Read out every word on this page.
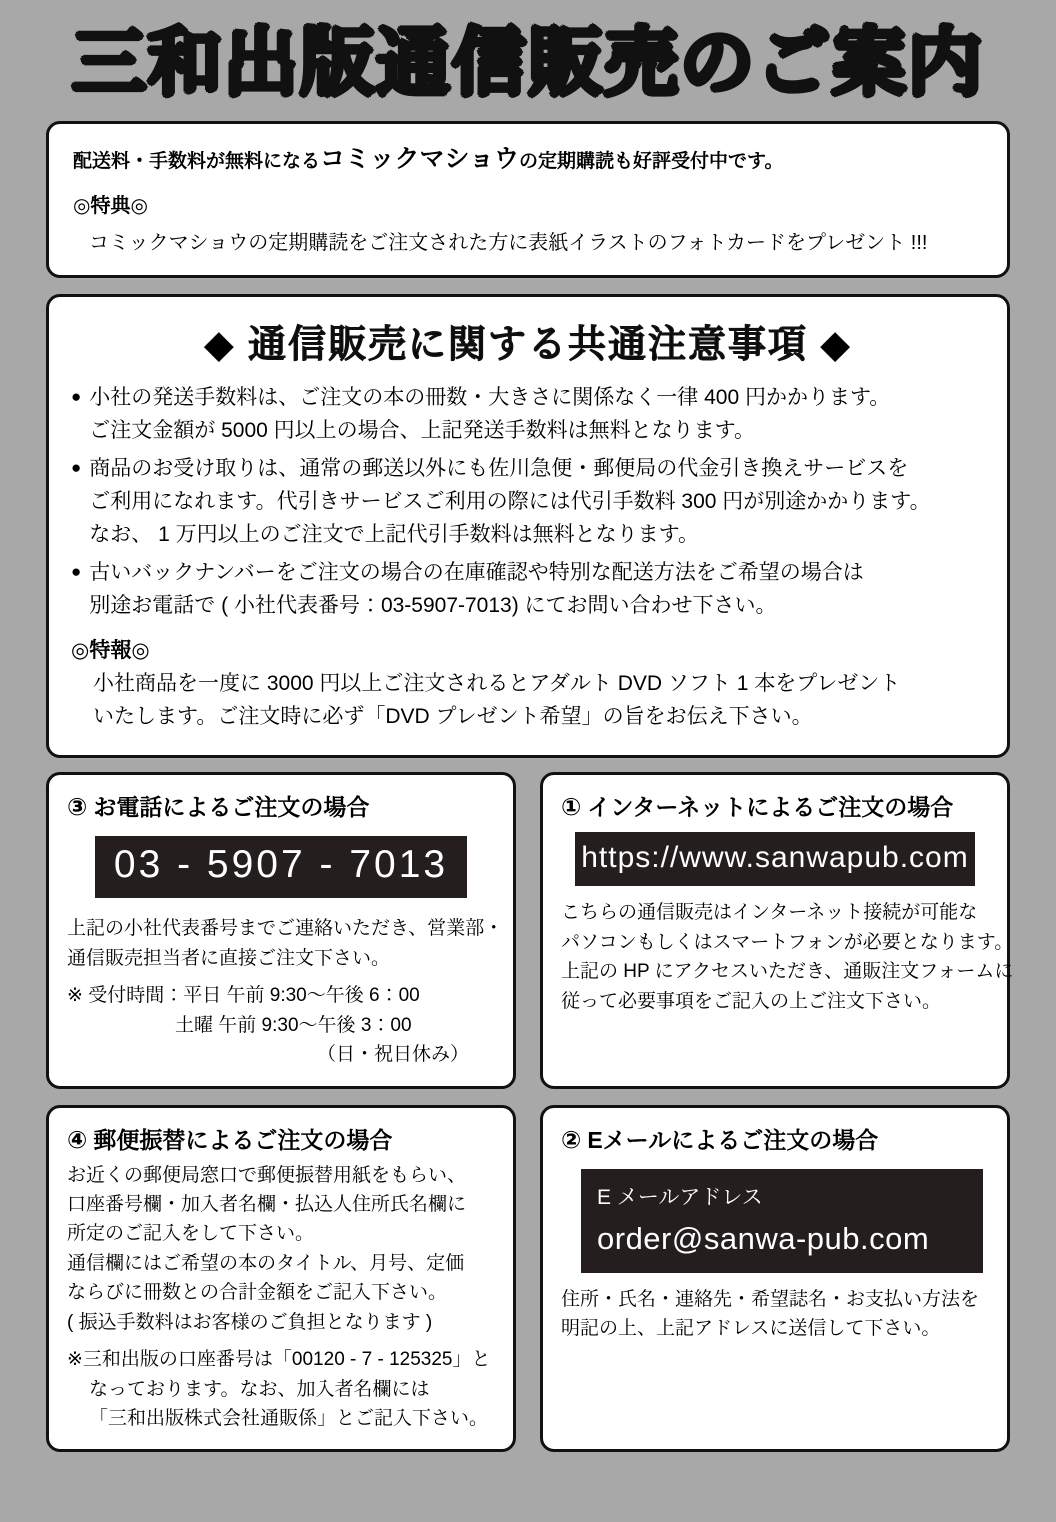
三和出版通信販売のご案内
配送料・手数料が無料になるコミックマショウの定期購読も好評受付中です。
◎特典◎
コミックマショウの定期購読をご注文された方に表紙イラストのフォトカードをプレゼント !!!
◆ 通信販売に関する共通注意事項 ◆
● 小社の発送手数料は、ご注文の本の冊数・大きさに関係なく一律 400 円かかります。
ご注文金額が 5000 円以上の場合、上記発送手数料は無料となります。
● 商品のお受け取りは、通常の郵送以外にも佐川急便・郵便局の代金引き換えサービスを
ご利用になれます。代引きサービスご利用の際には代引手数料 300 円が別途かかります。
なお、 1 万円以上のご注文で上記代引手数料は無料となります。
● 古いバックナンバーをご注文の場合の在庫確認や特別な配送方法をご希望の場合は
別途お電話で ( 小社代表番号：03-5907-7013) にてお問い合わせ下さい。
◎特報◎
小社商品を一度に 3000 円以上ご注文されるとアダルト DVD ソフト 1 本をプレゼント
いたします。ご注文時に必ず「DVD プレゼント希望」の旨をお伝え下さい。
③ お電話によるご注文の場合
03 - 5907 - 7013
上記の小社代表番号までご連絡いただき、営業部・
通信販売担当者に直接ご注文下さい。
※ 受付時間：平日 午前 9:30〜午後 6：00
土曜 午前 9:30〜午後 3：00
（日・祝日休み）
① インターネットによるご注文の場合
https://www.sanwapub.com
こちらの通信販売はインターネット接続が可能な
パソコンもしくはスマートフォンが必要となります。
上記の HP にアクセスいただき、通販注文フォームに
従って必要事項をご記入の上ご注文下さい。
④ 郵便振替によるご注文の場合
お近くの郵便局窓口で郵便振替用紙をもらい、
口座番号欄・加入者名欄・払込人住所氏名欄に
所定のご記入をして下さい。
通信欄にはご希望の本のタイトル、月号、定価
ならびに冊数との合計金額をご記入下さい。
( 振込手数料はお客様のご負担となります )
※三和出版の口座番号は「00120 - 7 - 125325」と
なっております。なお、加入者名欄には
「三和出版株式会社通販係」とご記入下さい。
② Eメールによるご注文の場合
E メールアドレス
order@sanwa-pub.com
住所・氏名・連絡先・希望誌名・お支払い方法を
明記の上、上記アドレスに送信して下さい。
